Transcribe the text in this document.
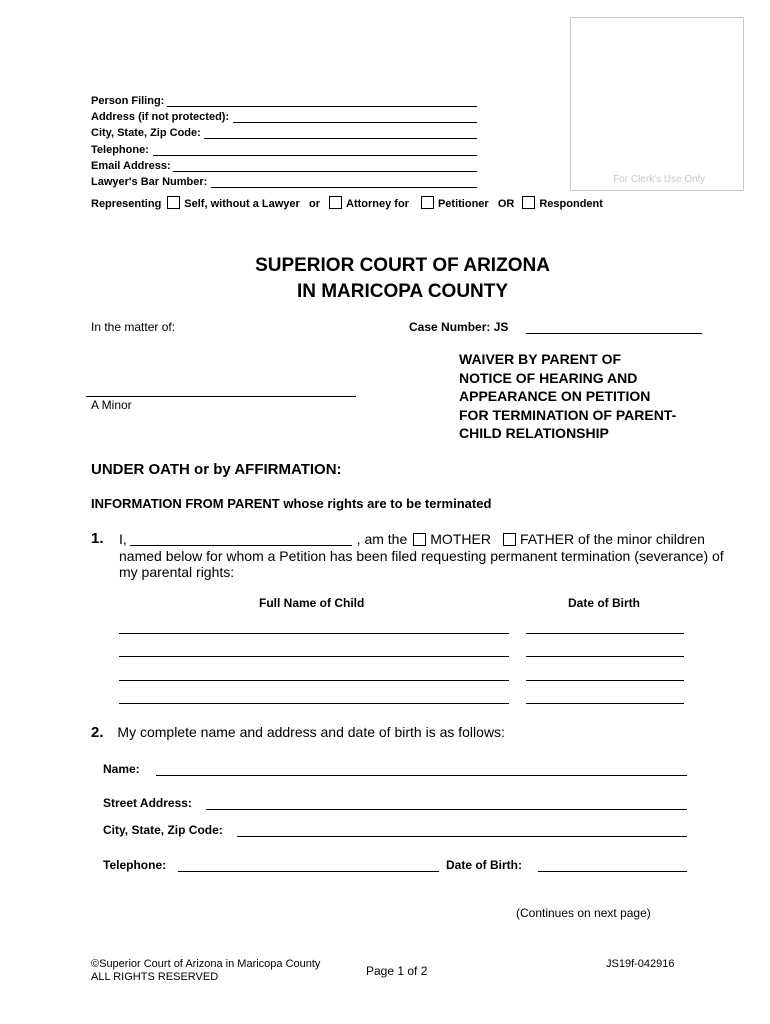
For Clerk's Use Only
Person Filing:
Address (if not protected):
City, State, Zip Code:
Telephone:
Email Address:
Lawyer's Bar Number:
Representing Self, without a Lawyer or Attorney for	Petitioner OR Respondent
SUPERIOR COURT OF ARIZONA
IN MARICOPA COUNTY
In the matter of:	Case Number: JS
WAIVER BY PARENT OF
NOTICE OF HEARING AND
APPEARANCE ON PETITION
FOR TERMINATION OF PARENT-
CHILD RELATIONSHIP
A Minor
UNDER OATH or by AFFIRMATION:
INFORMATION FROM PARENT whose rights are to be terminated
1. I,	, am the MOTHER FATHER of the minor children
named below for whom a Petition has been filed requesting permanent termination (severance) of
my parental rights:
Full Name of Child	Date of Birth
2. My complete name and address and date of birth is as follows:
Name:
Street Address:
City, State, Zip Code:
Telephone:	Date of Birth:
(Continues on next page)
©Superior Court of Arizona in Maricopa County
ALL RIGHTS RESERVED	Page 1 of 2	JS19f-042916
